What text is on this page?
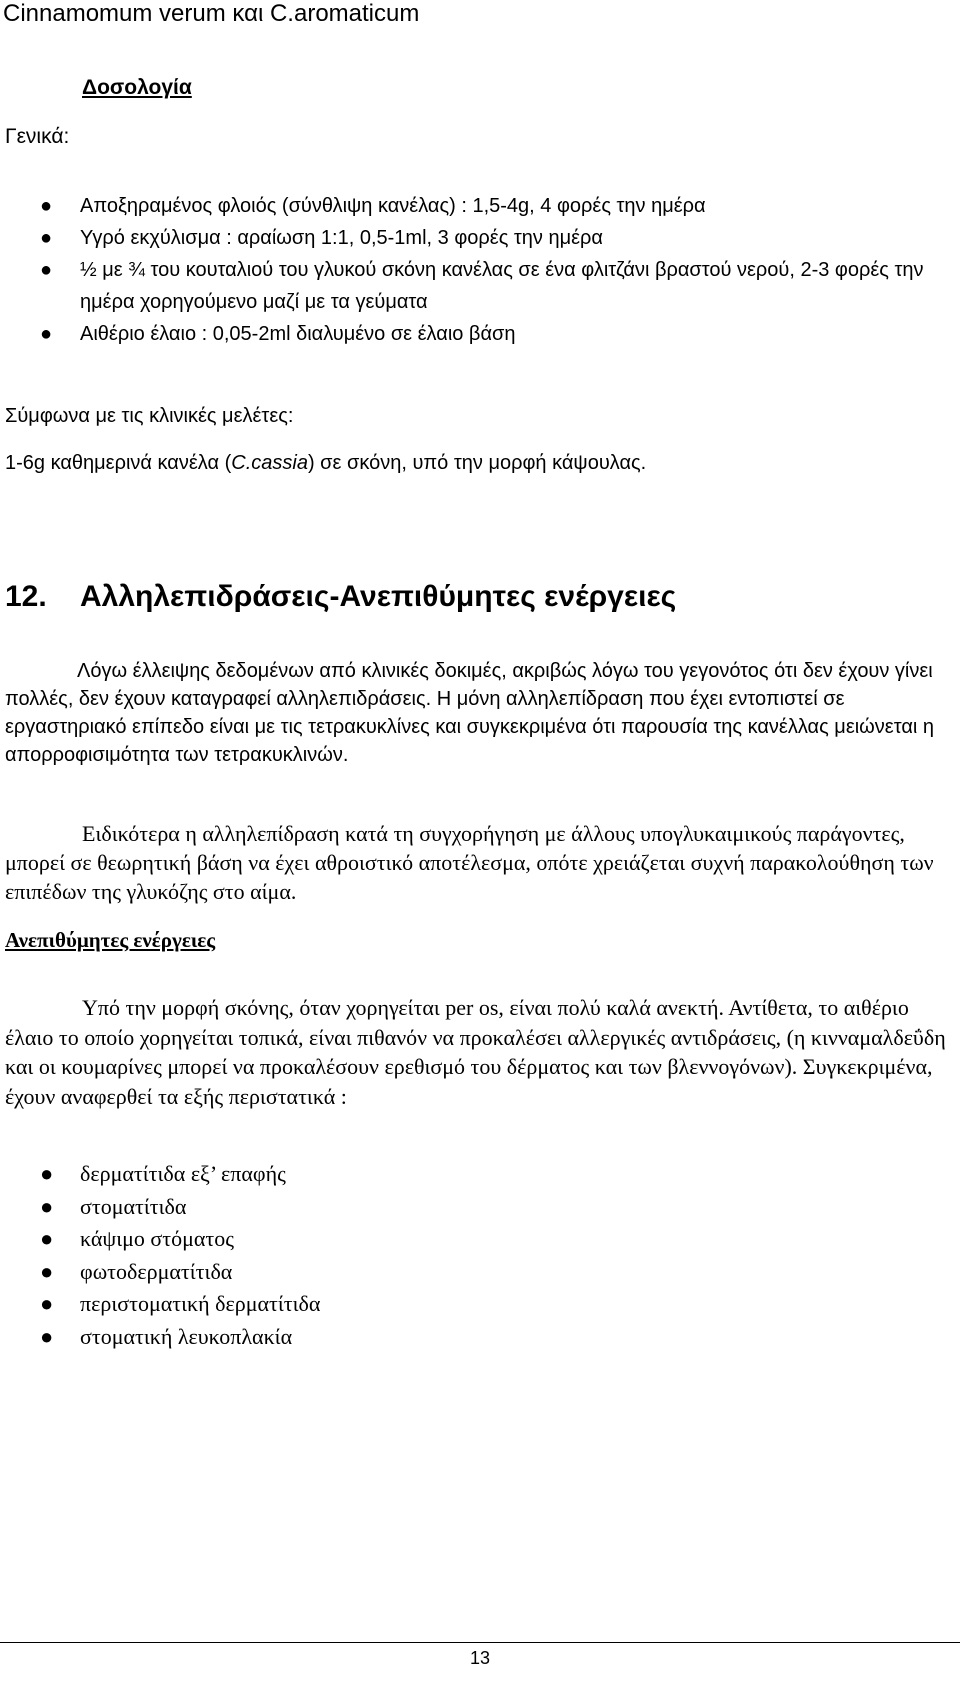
Cinnamomum verum και C.aromaticum
Δοσολογία
Γενικά:
● Αποξηραμένος φλοιός (σύνθλιψη κανέλας) : 1,5-4g, 4 φορές την ημέρα
● Υγρό εκχύλισμα : αραίωση 1:1, 0,5-1ml, 3 φορές την ημέρα
● ½ με ¾ του κουταλιού του γλυκού σκόνη κανέλας σε ένα φλιτζάνι βραστού νερού, 2-3 φορές την ημέρα χορηγούμενο μαζί με τα γεύματα
● Αιθέριο έλαιο : 0,05-2ml διαλυμένο σε έλαιο βάση
Σύμφωνα με τις κλινικές μελέτες:
1-6g καθημερινά κανέλα (C.cassia) σε σκόνη, υπό την μορφή κάψουλας.
12. Αλληλεπιδράσεις-Ανεπιθύμητες ενέργειες
Λόγω έλλειψης δεδομένων από κλινικές δοκιμές, ακριβώς λόγω του γεγονότος ότι δεν έχουν γίνει πολλές, δεν έχουν καταγραφεί αλληλεπιδράσεις. Η μόνη αλληλεπίδραση που έχει εντοπιστεί σε εργαστηριακό επίπεδο είναι με τις τετρακυκλίνες και συγκεκριμένα ότι παρουσία της κανέλλας μειώνεται η απορροφισιμότητα των τετρακυκλινών.
Ειδικότερα η αλληλεπίδραση κατά τη συγχορήγηση με άλλους υπογλυκαιμικούς παράγοντες, μπορεί σε θεωρητική βάση να έχει αθροιστικό αποτέλεσμα, οπότε χρειάζεται συχνή παρακολούθηση των επιπέδων της γλυκόζης στο αίμα.
Ανεπιθύμητες ενέργειες
Υπό την μορφή σκόνης, όταν χορηγείται per os, είναι πολύ καλά ανεκτή. Αντίθετα, το αιθέριο έλαιο το οποίο χορηγείται τοπικά, είναι πιθανόν να προκαλέσει αλλεργικές αντιδράσεις, (η κινναμαλδεΰδη και οι κουμαρίνες μπορεί να προκαλέσουν ερεθισμό του δέρματος και των βλεννογόνων). Συγκεκριμένα, έχουν αναφερθεί τα εξής περιστατικά :
● δερματίτιδα εξ’ επαφής
● στοματίτιδα
● κάψιμο στόματος
● φωτοδερματίτιδα
● περιστοματική δερματίτιδα
● στοματική λευκοπλακία
13
